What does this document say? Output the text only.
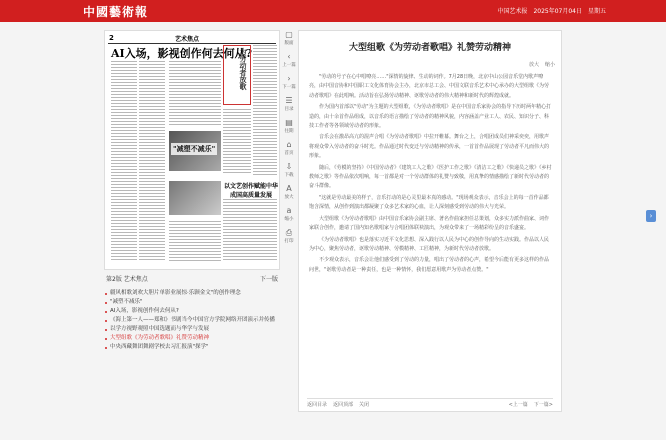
中國藝術報	中国艺术报 2025年07月04日 星期五
2	艺术焦点
AI入场，影视创作何去何从?
为劳动者放歌
"减塑不减乐"
以文艺创作赋能中华成国高质量发展
第2版 艺术焦点	下一版
疆风相歌刘欢大胆片单影业展惊·乐颢金文"的创作理念
"减塑不减乐"
AI入场，影视创作何去何从?
《海上第一人——郑和》书剧当今中国官方学院网络开团演示并传播
以学方视野观照中国选题而与华学与发展
大型组歌《为劳动者歌唱》礼赞劳动精神
中央西藏舞团舞剧学校去习汇报演"探学"
▢
版面
‹
上一篇
›
下一篇
☰
目录
▤
往期
⌂
首页
⇩
下载
A
放大
a
缩小
⎙
打印
大型组歌《为劳动者歌唱》礼赞劳动精神
放大 缩小

"劳动的号子在心中唱嘹亮……"深情的旋律、生动的词作。7月28日晚，北京中山公园音乐堂内歌声嘹亮，由中国音协和中国职工文化体育协会主办，北京市总工会、中国文联音乐艺术中心承办的大型组歌《为劳动者歌唱》在此唱响。活动旨在弘扬劳动精神、讴歌劳动者的伟大精神和新时代的辉煌成就。

作为国内首部以"劳动"为主题的大型组歌，《为劳动者歌唱》是在中国音乐家协会的指导下历时两年精心打造的，由十余首作品组成，以音乐的语言描绘了劳动者的精神风貌，内容涵盖产业工人、农民、知识分子、科技工作者等各领域劳动者的形象。

音乐会在激昂高亢的混声合唱《为劳动者歌唱》中拉开帷幕。舞台之上，合唱团成员们神采奕奕，用歌声将观众带入劳动者的奋斗时光。作品通过时代变迁与劳动精神的传承，一首首作品展现了劳动者平凡而伟大的形象。

随后，《劳模的坚持》《中国劳动者》《建筑工人之歌》《医护工作之歌》《清洁工之歌》《快递员之歌》《乡村教师之歌》等作品依次唱响，每一首都是对一个劳动群体的礼赞与致敬，用真挚的情感描绘了新时代劳动者的奋斗群像。

"这就是劳动最美的样子，音乐打动的是心灵里最本真的感动。"现场观众表示，音乐会上的每一首作品都饱含深情，从创作到演出都凝聚了众多艺术家的心血，让人深刻感受到劳动的伟大与光荣。

大型组歌《为劳动者歌唱》由中国音乐家协会副主席、著名作曲家担任总策划，众多实力派作曲家、词作家联合创作，邀请了国内知名歌唱家与合唱团体联袂演出，为观众带来了一场精彩纷呈的音乐盛宴。

《为劳动者歌唱》也是落实习近平文化思想、深入践行以人民为中心的创作导向的生动实践。作品以人民为中心，聚焦劳动者，讴歌劳动精神、劳模精神、工匠精神，为新时代劳动者放歌。

不少观众表示，音乐会让他们感受到了劳动的力量，唱出了劳动者的心声，希望今后能有更多这样的作品问世，"讴歌劳动者是一种责任，也是一种情怀，我们愿意用歌声为劳动者点赞。"

返回目录 返回顶部 关闭	<上一篇 下一篇>
›
